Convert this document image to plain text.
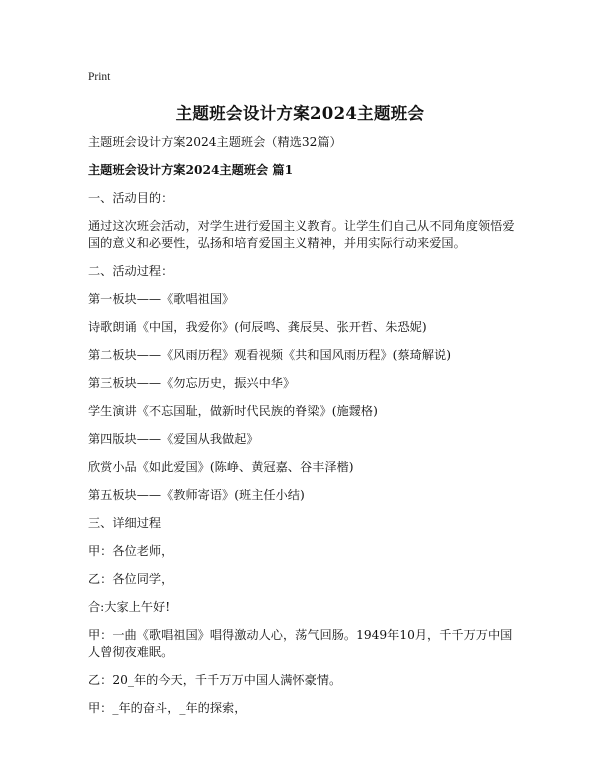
Print
主题班会设计方案2024主题班会

主题班会设计方案2024主题班会（精选32篇）

主题班会设计方案2024主题班会 篇1

一、活动目的：

通过这次班会活动，对学生进行爱国主义教育。让学生们自己从不同角度领悟爱国的意义和必要性，弘扬和培育爱国主义精神，并用实际行动来爱国。

二、活动过程：

第一板块——《歌唱祖国》

诗歌朗诵《中国，我爱你》(何辰鸣、龚辰昊、张开哲、朱恐妮)

第二板块——《风雨历程》观看视频《共和国风雨历程》(蔡琦解说)

第三板块——《勿忘历史，振兴中华》

学生演讲《不忘国耻，做新时代民族的脊梁》(施靉格)

第四版块——《爱国从我做起》

欣赏小品《如此爱国》(陈峥、黄冠嘉、谷丰泽楷)

第五板块——《教师寄语》(班主任小结)

三、详细过程

甲：各位老师，

乙：各位同学，

合:大家上午好!

甲：一曲《歌唱祖国》唱得激动人心，荡气回肠。1949年10月，千千万万中国人曾彻夜难眠。

乙：20_年的今天，千千万万中国人满怀豪情。

甲：_年的奋斗，_年的探索，
